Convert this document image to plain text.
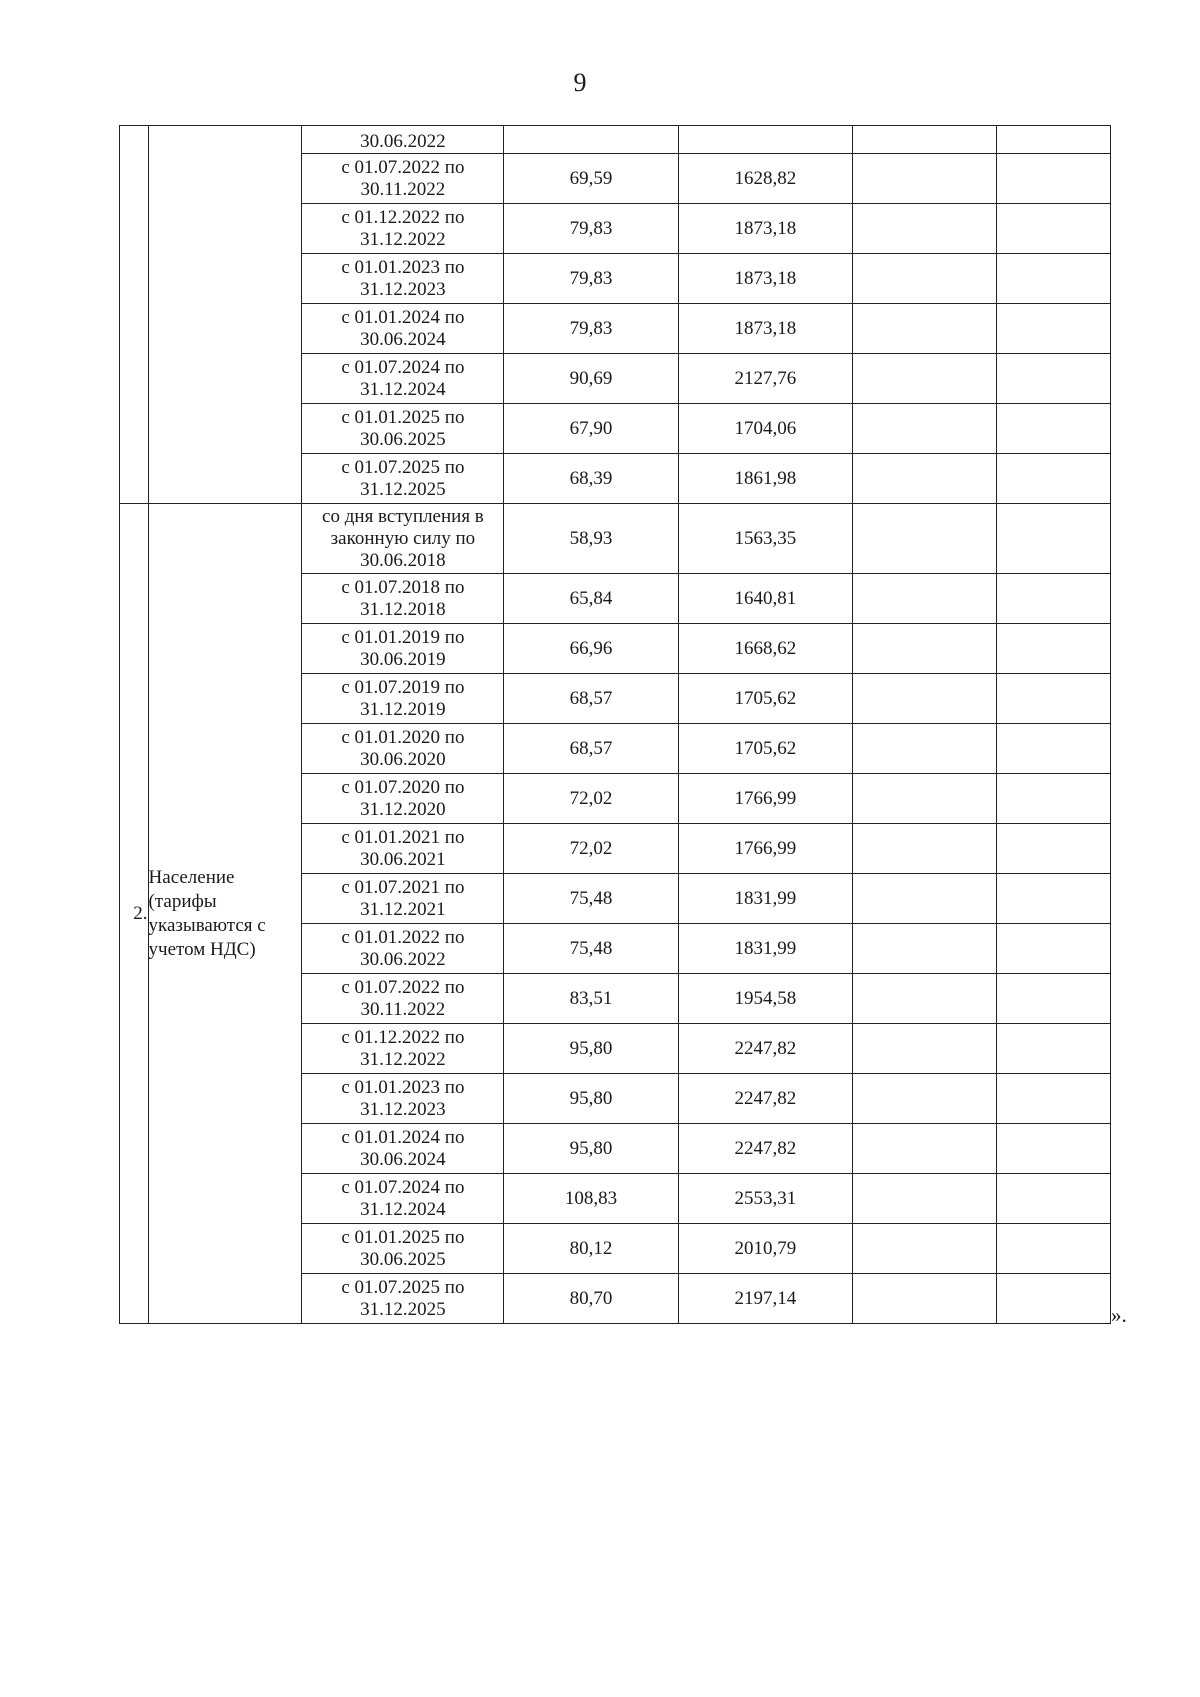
9
		30.06.2022				
		с 01.07.2022 по 30.11.2022	69,59	1628,82		
		с 01.12.2022 по 31.12.2022	79,83	1873,18		
		с 01.01.2023 по 31.12.2023	79,83	1873,18		
		с 01.01.2024 по 30.06.2024	79,83	1873,18		
		с 01.07.2024 по 31.12.2024	90,69	2127,76		
		с 01.01.2025 по 30.06.2025	67,90	1704,06		
		с 01.07.2025 по 31.12.2025	68,39	1861,98		
2.	Население (тарифы указываются с учетом НДС)	со дня вступления в законную силу по 30.06.2018	58,93	1563,35		
		с 01.07.2018 по 31.12.2018	65,84	1640,81		
		с 01.01.2019 по 30.06.2019	66,96	1668,62		
		с 01.07.2019 по 31.12.2019	68,57	1705,62		
		с 01.01.2020 по 30.06.2020	68,57	1705,62		
		с 01.07.2020 по 31.12.2020	72,02	1766,99		
		с 01.01.2021 по 30.06.2021	72,02	1766,99		
		с 01.07.2021 по 31.12.2021	75,48	1831,99		
		с 01.01.2022 по 30.06.2022	75,48	1831,99		
		с 01.07.2022 по 30.11.2022	83,51	1954,58		
		с 01.12.2022 по 31.12.2022	95,80	2247,82		
		с 01.01.2023 по 31.12.2023	95,80	2247,82		
		с 01.01.2024 по 30.06.2024	95,80	2247,82		
		с 01.07.2024 по 31.12.2024	108,83	2553,31		
		с 01.01.2025 по 30.06.2025	80,12	2010,79		
		с 01.07.2025 по 31.12.2025	80,70	2197,14		
».
